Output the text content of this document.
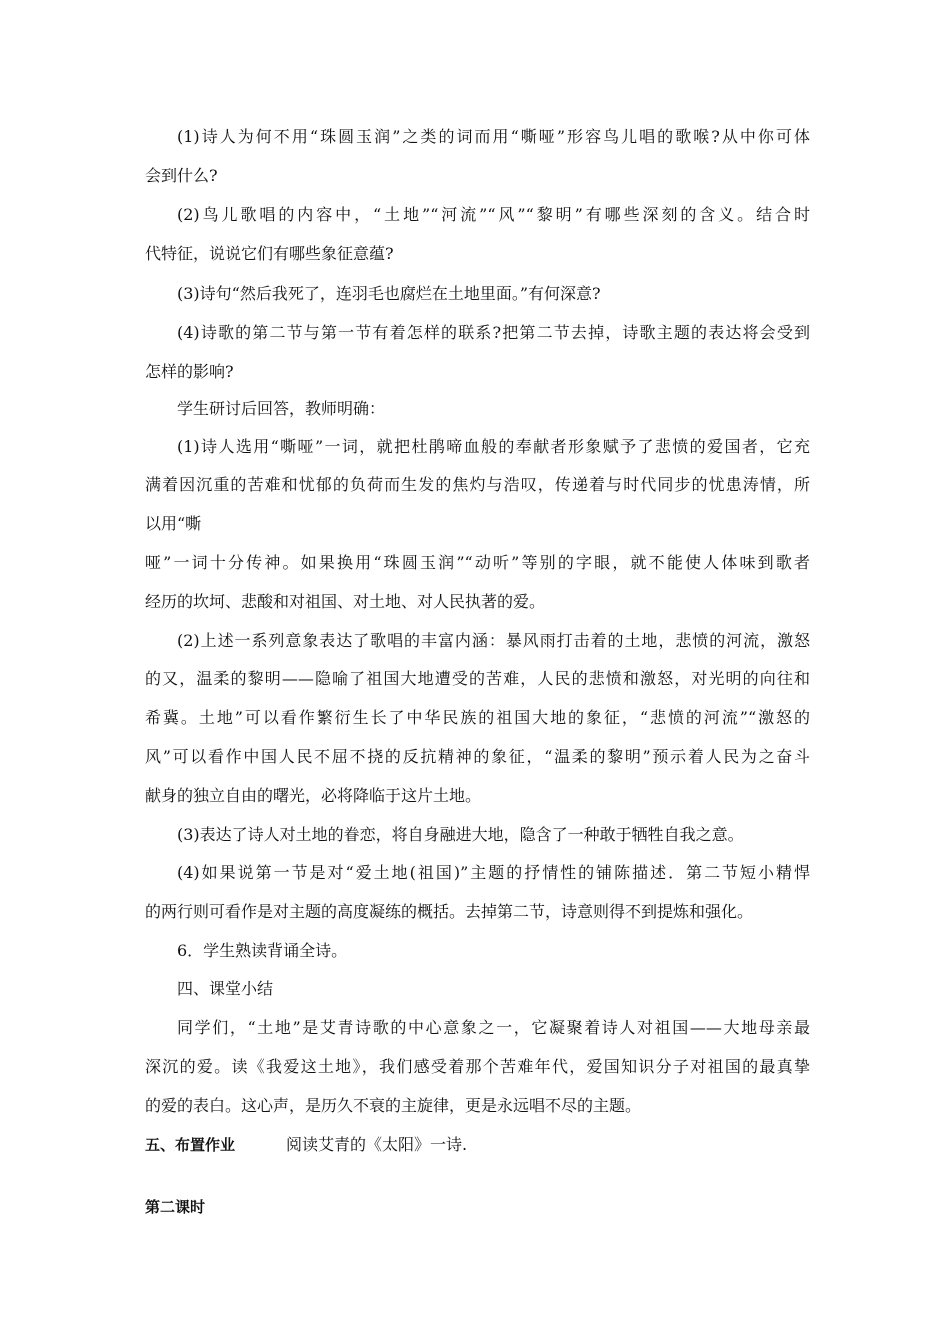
(1)诗人为何不用“珠圆玉润”之类的词而用“嘶哑”形容鸟儿唱的歌喉?从中你可体
会到什么?
(2)鸟儿歌唱的内容中，“土地”“河流”“风”“黎明”有哪些深刻的含义。结合时
代特征，说说它们有哪些象征意蕴?
(3)诗句“然后我死了，连羽毛也腐烂在土地里面。”有何深意?
(4)诗歌的第二节与第一节有着怎样的联系?把第二节去掉，诗歌主题的表达将会受到
怎样的影响?
学生研讨后回答，教师明确：
(1)诗人选用“嘶哑”一词，就把杜鹃啼血般的奉献者形象赋予了悲愤的爱国者，它充
满着因沉重的苦难和忧郁的负荷而生发的焦灼与浩叹，传递着与时代同步的忧患涛情，所
以用“嘶
哑”一词十分传神。如果换用“珠圆玉润”“动听”等别的字眼，就不能使人体味到歌者
经历的坎坷、悲酸和对祖国、对土地、对人民执著的爱。
(2)上述一系列意象表达了歌唱的丰富内涵：暴风雨打击着的土地，悲愤的河流，激怒
的又，温柔的黎明——隐喻了祖国大地遭受的苦难，人民的悲愤和激怒，对光明的向往和
希冀。土地”可以看作繁衍生长了中华民族的祖国大地的象征，“悲愤的河流”“激怒的
风”可以看作中国人民不屈不挠的反抗精神的象征，“温柔的黎明”预示着人民为之奋斗
献身的独立自由的曙光，必将降临于这片土地。
(3)表达了诗人对土地的眷恋，将自身融进大地，隐含了一种敢于牺牲自我之意。
(4)如果说第一节是对“爱土地(祖国)”主题的抒情性的铺陈描述．第二节短小精悍
的两行则可看作是对主题的高度凝练的概括。去掉第二节，诗意则得不到提炼和强化。
6．学生熟读背诵全诗。
四、课堂小结
同学们，“土地”是艾青诗歌的中心意象之一，它凝聚着诗人对祖国——大地母亲最
深沉的爱。读《我爱这土地》，我们感受着那个苦难年代，爱国知识分子对祖国的最真挚
的爱的表白。这心声，是历久不衰的主旋律，更是永远唱不尽的主题。
五、布置作业	阅读艾青的《太阳》一诗.
第二课时
